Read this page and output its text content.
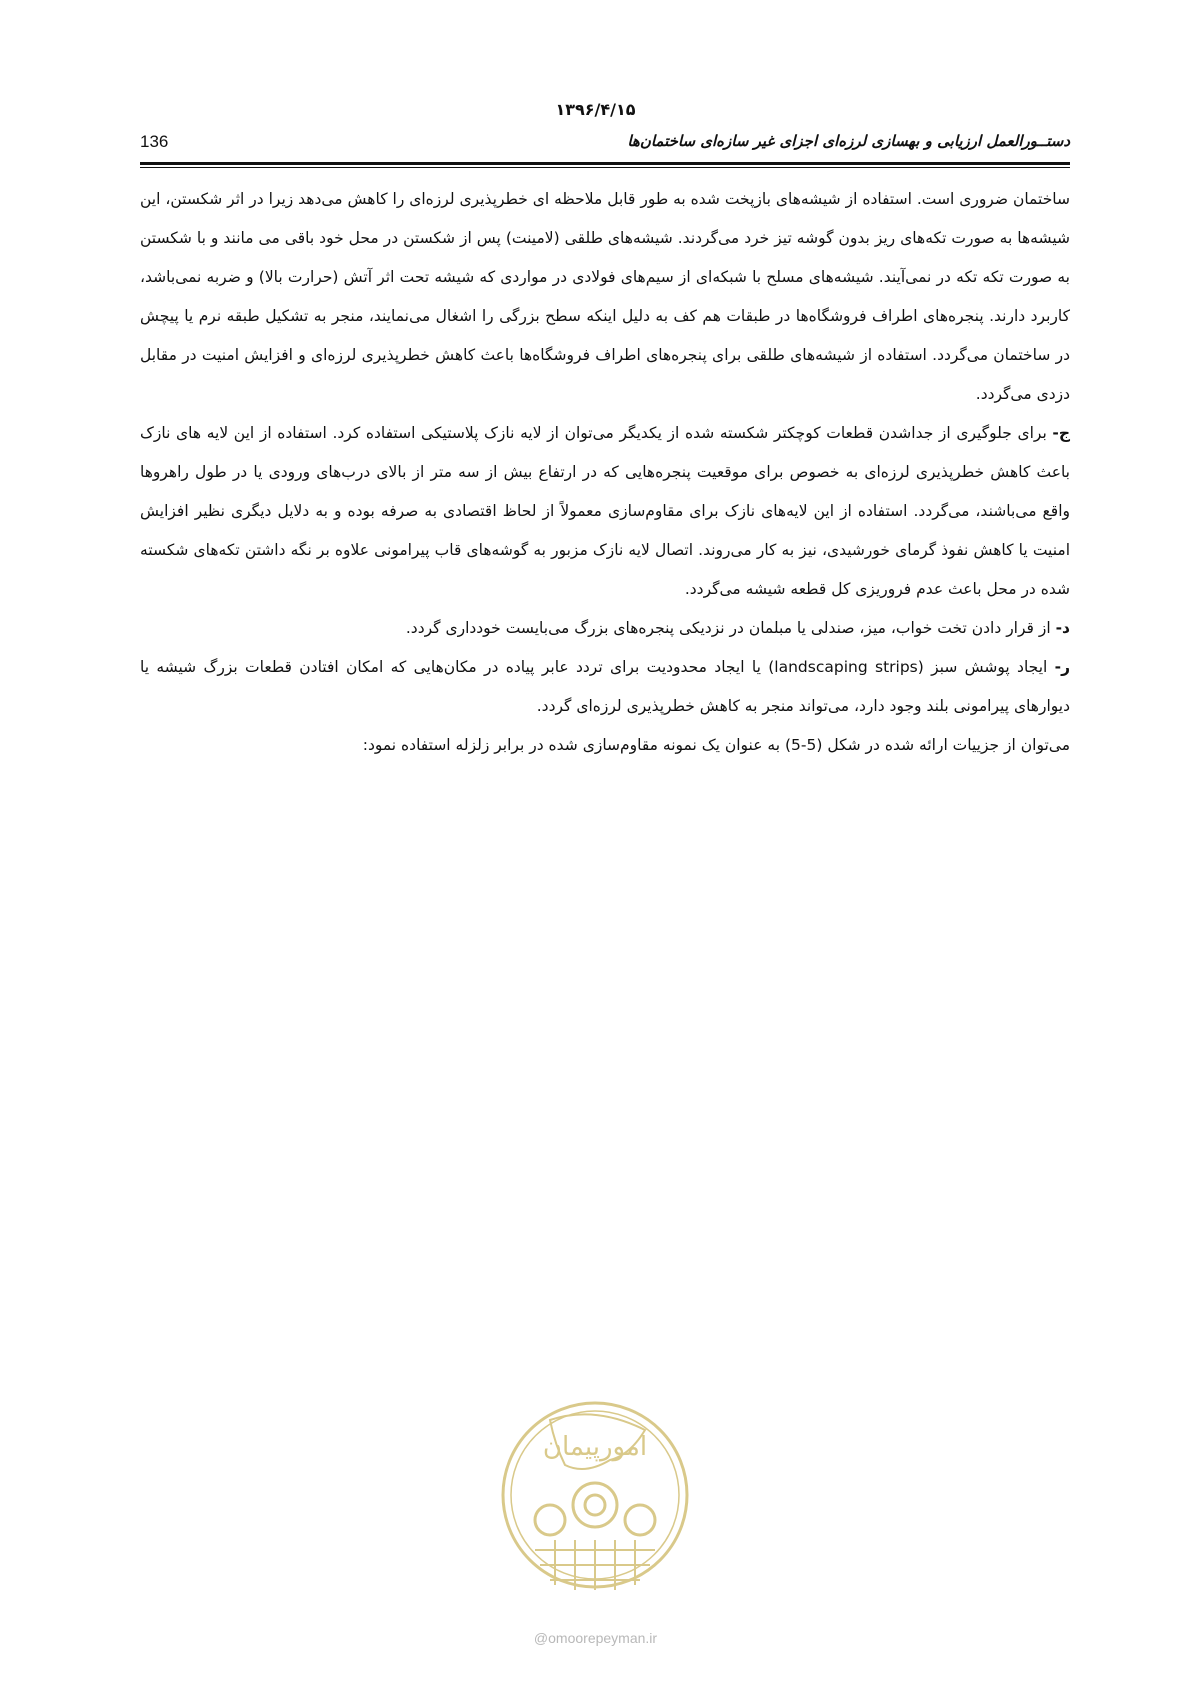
۱۳۹۶/۴/۱۵
136	دستــورالعمل ارزیابی و بهسازی لرزه‌ای اجزای غیر سازه‌ای ساختمان‌ها

ساختمان ضروری است. استفاده از شیشه‌های بازپخت شده به طور قابل ملاحظه ای خطرپذیری لرزه‌ای را کاهش می‌دهد زیرا در اثر شکستن، این شیشه‌ها به صورت تکه‌های ریز بدون گوشه تیز خرد می‌گردند. شیشه‌های طلقی (لامینت) پس از شکستن در محل خود باقی می مانند و با شکستن به صورت تکه تکه در نمی‌آیند. شیشه‌های مسلح با شبکه‌ای از سیم‌های فولادی در مواردی که شیشه تحت اثر آتش (حرارت بالا) و ضربه نمی‌باشد، کاربرد دارند. پنجره‌های اطراف فروشگاه‌ها در طبقات هم کف به دلیل اینکه سطح بزرگی را اشغال می‌نمایند، منجر به تشکیل طبقه نرم یا پیچش در ساختمان می‌گردد. استفاده از شیشه‌های طلقی برای پنجره‌های اطراف فروشگاه‌ها باعث کاهش خطرپذیری لرزه‌ای و افزایش امنیت در مقابل دزدی می‌گردد.

ج- برای جلوگیری از جداشدن قطعات کوچکتر شکسته شده از یکدیگر می‌توان از لایه نازک پلاستیکی استفاده کرد. استفاده از این لایه های نازک باعث کاهش خطرپذیری لرزه‌ای به خصوص برای موقعیت پنجره‌هایی که در ارتفاع بیش از سه متر از بالای درب‌های ورودی یا در طول راهروها واقع می‌باشند، می‌گردد. استفاده از این لایه‌های نازک برای مقاوم‌سازی معمولاً از لحاظ اقتصادی به صرفه بوده و به دلایل دیگری نظیر افزایش امنیت یا کاهش نفوذ گرمای خورشیدی، نیز به کار می‌روند. اتصال لایه نازک مزبور به گوشه‌های قاب پیرامونی علاوه بر نگه داشتن تکه‌های شکسته شده در محل باعث عدم فروریزی کل قطعه شیشه می‌گردد.

د- از قرار دادن تخت خواب، میز، صندلی یا مبلمان در نزدیکی پنجره‌های بزرگ می‌بایست خودداری گردد.

ر- ایجاد پوشش سبز (landscaping strips) یا ایجاد محدودیت برای تردد عابر پیاده در مکان‌هایی که امکان افتادن قطعات بزرگ شیشه یا دیوارهای پیرامونی بلند وجود دارد، می‌تواند منجر به کاهش خطرپذیری لرزه‌ای گردد.

می‌توان از جزییات ارائه شده در شکل (5-5) به عنوان یک نمونه مقاوم‌سازی شده در برابر زلزله استفاده نمود:

امورپیمان
@omoorepeyman.ir
